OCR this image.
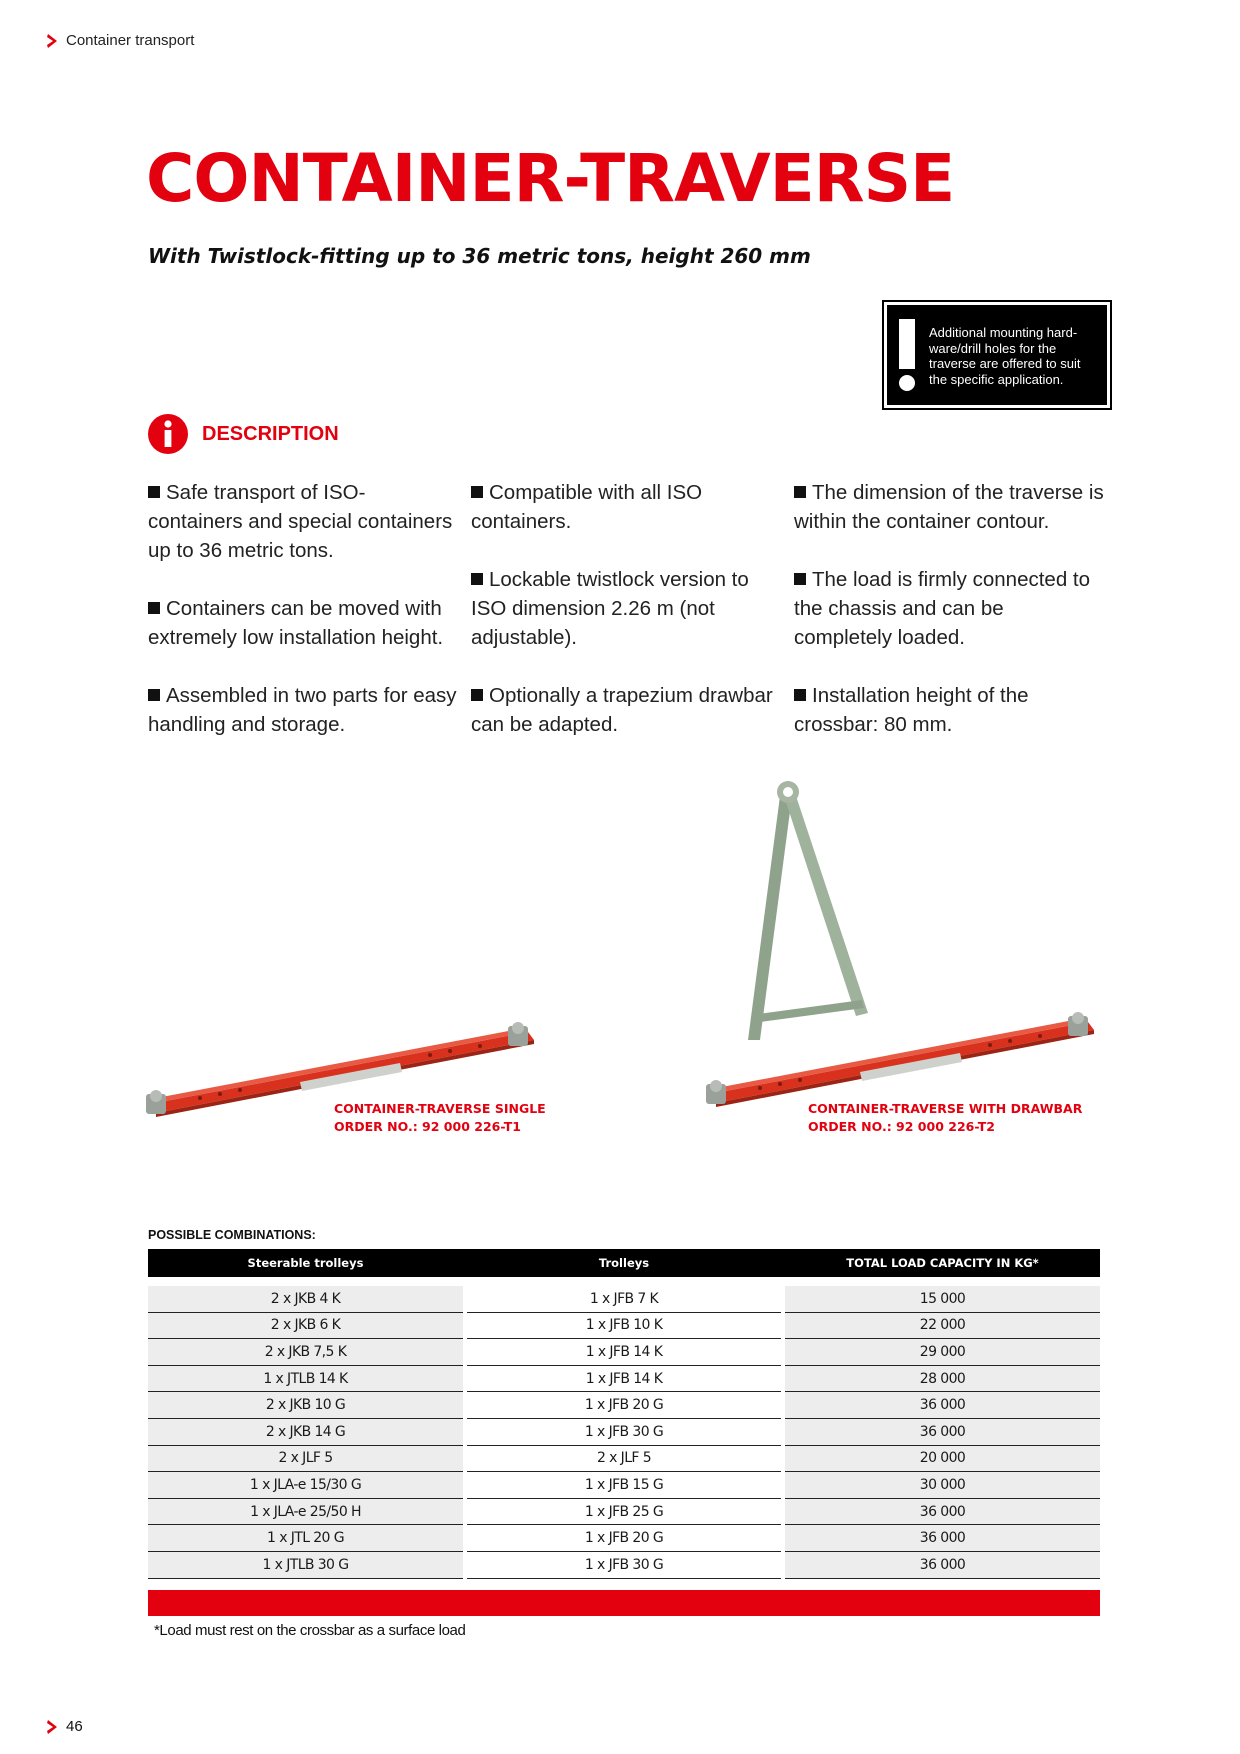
Container transport
CONTAINER-TRAVERSE
With Twistlock-fitting up to 36 metric tons, height 260 mm
Additional mounting hard-ware/drill holes for the traverse are offered to suit the specific application.
DESCRIPTION

Safe transport of ISO-containers and special containers up to 36 metric tons.

Containers can be moved with extremely low installation height.

Assembled in two parts for easy handling and storage.

Compatible with all ISO containers.

Lockable twistlock version to ISO dimension 2.26 m (not adjustable).

Optionally a trapezium drawbar can be adapted.

The dimension of the traverse is within the container contour.

The load is firmly connected to the chassis and can be completely loaded.

Installation height of the crossbar: 80 mm.

CONTAINER-TRAVERSE SINGLE
ORDER NO.: 92 000 226-T1
CONTAINER-TRAVERSE WITH DRAWBAR
ORDER NO.: 92 000 226-T2
POSSIBLE COMBINATIONS:
Steerable trolleys		Trolleys		TOTAL LOAD CAPACITY IN KG*

2 x JKB 4 K		1 x JFB 7 K		15 000
2 x JKB 6 K		1 x JFB 10 K		22 000
2 x JKB 7,5 K		1 x JFB 14 K		29 000
1 x JTLB 14 K		1 x JFB 14 K		28 000
2 x JKB 10 G		1 x JFB 20 G		36 000
2 x JKB 14 G		1 x JFB 30 G		36 000
2 x JLF 5		2 x JLF 5		20 000
1 x JLA-e 15/30 G		1 x JFB 15 G		30 000
1 x JLA-e 25/50 H		1 x JFB 25 G		36 000
1 x JTL 20 G		1 x JFB 20 G		36 000
1 x JTLB 30 G		1 x JFB 30 G		36 000
*Load must rest on the crossbar as a surface load
46
